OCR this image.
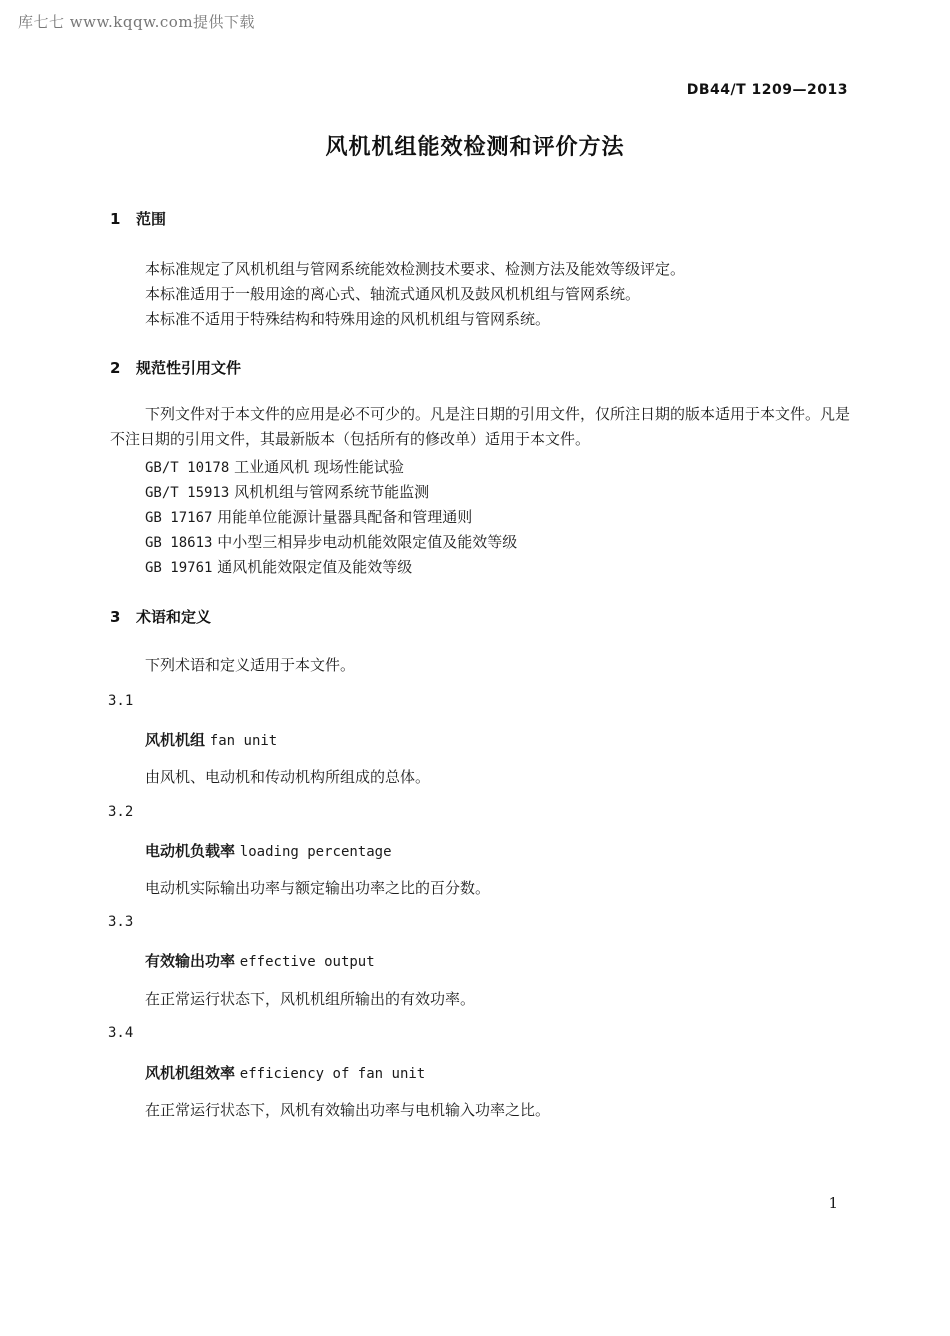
库七七 www.kqqw.com提供下载
DB44/T 1209—2013
风机机组能效检测和评价方法
1 范围
本标准规定了风机机组与管网系统能效检测技术要求、检测方法及能效等级评定。
本标准适用于一般用途的离心式、轴流式通风机及鼓风机机组与管网系统。
本标准不适用于特殊结构和特殊用途的风机机组与管网系统。
2 规范性引用文件
下列文件对于本文件的应用是必不可少的。凡是注日期的引用文件，仅所注日期的版本适用于本文件。凡是不注日期的引用文件，其最新版本（包括所有的修改单）适用于本文件。
GB/T 10178 工业通风机 现场性能试验
GB/T 15913 风机机组与管网系统节能监测
GB 17167 用能单位能源计量器具配备和管理通则
GB 18613 中小型三相异步电动机能效限定值及能效等级
GB 19761 通风机能效限定值及能效等级
3 术语和定义
下列术语和定义适用于本文件。
3.1
风机机组 fan unit
由风机、电动机和传动机构所组成的总体。
3.2
电动机负载率 loading percentage
电动机实际输出功率与额定输出功率之比的百分数。
3.3
有效输出功率 effective output
在正常运行状态下，风机机组所输出的有效功率。
3.4
风机机组效率 efficiency of fan unit
在正常运行状态下，风机有效输出功率与电机输入功率之比。
1
